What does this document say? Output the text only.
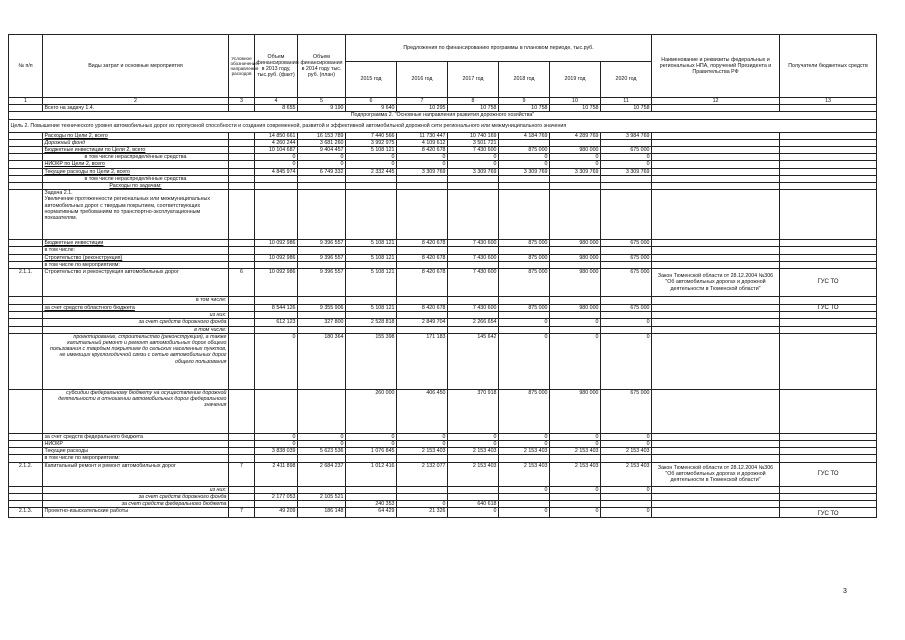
№ п/п	Виды затрат и основные мероприятия	Условное обозначение направления расходов	Объем финансирования в 2013 году, тыс.руб. (факт)	Объем финансирования в 2014 году тыс. руб. (план)	Предложения по финансированию программы в плановом периоде, тыс.руб.						Наименование и реквизиты федеральных и региональных НПА, поручений Президента и Правительства РФ	Получатели бюджетных средств
					2015 год	2016 год	2017 год	2018 год	2019 год	2020 год		
1	2	3	4	5	6	7	8	9	10	11	12	13
	Всего на задачу 1.4.		8 655	9 190	9 640	10 295	10 758	10 758	10 758	10 758		
Подпрограмма 2. "Основные направления развития дорожного хозяйства"												
Цель 2. Повышение технического уровня автомобильных дорог их пропускной способности и создания современной, развитой и эффективной автомобильной дорожной сети регионального или межмуниципального значения												
	Расходы по Цели 2, всего		14 850 661	16 153 789	7 440 566	11 730 447	10 740 169	4 184 769	4 289 769	3 984 769		
	Дорожный фонд		4 260 244	3 681 260	3 992 975	4 109 612	3 501 721					
	Бюджетные инвестиции по Цели 2, всего		10 104 687	9 404 457	5 108 121	8 420 678	7 430 600	875 000	980 000	675 000		
	в том числе нераспределённые средства		0	0	0	0	0	0	0	0		
	НИОКР по Цели 2, всего		0	0	0	0	0	0	0	0		
	Текущие расходы по Цели 2, всего		4 845 974	6 749 332	2 332 445	3 309 769	3 309 769	3 309 769	3 309 769	3 309 769		
	в том числе нераспределённые средства											
	Расходы по задачам:											

	Задача 2.1.
Увеличение протяженности региональных или межмуниципальных автомобильных дорог с твердым покрытием, соответствующих нормативным требованиям по транспортно-эксплуатационным показателям.											

	Бюджетные инвестиции		10 092 986	9 396 557	5 108 121	8 420 678	7 430 600	875 000	980 000	675 000		
	в том числе:											
	Строительство (реконструкция)		10 092 986	9 396 557	5 108 121	8 420 678	7 430 600	875 000	980 000	675 000		
	в том числе по мероприятиям:											
2.1.1.	Строительство и реконструкция автомобильных дорог	6	10 092 986	9 396 557	5 108 121	8 420 678	7 430 600	875 000	980 000	675 000	Закон Тюменской области от 28.12.2004 №306 "Об автомобильных дорогах и дорожной деятельности в Тюменской области"	ГУС ТО
	в том числе:											
	за счет средств областного бюджета		8 544 126	9 355 906	5 108 121	8 420 678	7 430 600	875 000	980 000	675 000		ГУС ТО
	из них:											
	за счет средств дорожного фонда		612 123	327 800	2 528 818	2 849 704	2 266 654	0	0	0		
	в том числе:											
	проектирование, строительство (реконструкция), а также капитальный ремонт и ремонт автомобильных дорог общего пользования с твердым покрытием до сельских населенных пунктов, не имеющих круглогодичной связи с сетью автомобильных дорог общего пользования		0	180 364	155 398	171 183	145 642	0	0	0		
	субсидии федеральному бюджету на осуществление дорожной деятельности в отношении автомобильных дорог федерального значения				260 000	406 450	370 918	875 000	980 000	675 000		
	за счет средств федерального бюджета		0	0	0	0	0	0	0	0		
	НИОКР		0	0	0	0	0	0	0	0		
	Текущие расходы		3 838 039	5 623 536	1 076 845	2 153 403	2 153 403	2 153 403	2 153 403	2 153 403		
	в том числе по мероприятиям:											
2.1.2.	Капитальный ремонт и ремонт автомобильных дорог	7	2 411 898	2 684 237	1 012 416	2 132 077	2 153 403	2 153 403	2 153 403	2 153 403	Закон Тюменской области от 28.12.2004 №306 "Об автомобильных дорогах и дорожной деятельности в Тюменской области"	ГУС ТО
	из них:							0	0	0		
	за счет средств дорожного фонда		2 177 053	2 105 521								
	за счет средств федерального бюджета				240 353	0	640 618					
2.1.3.	Проектно-изыскательские работы	7	49 209	186 148	64 429	21 326	0	0	0	0		ГУС ТО
3
